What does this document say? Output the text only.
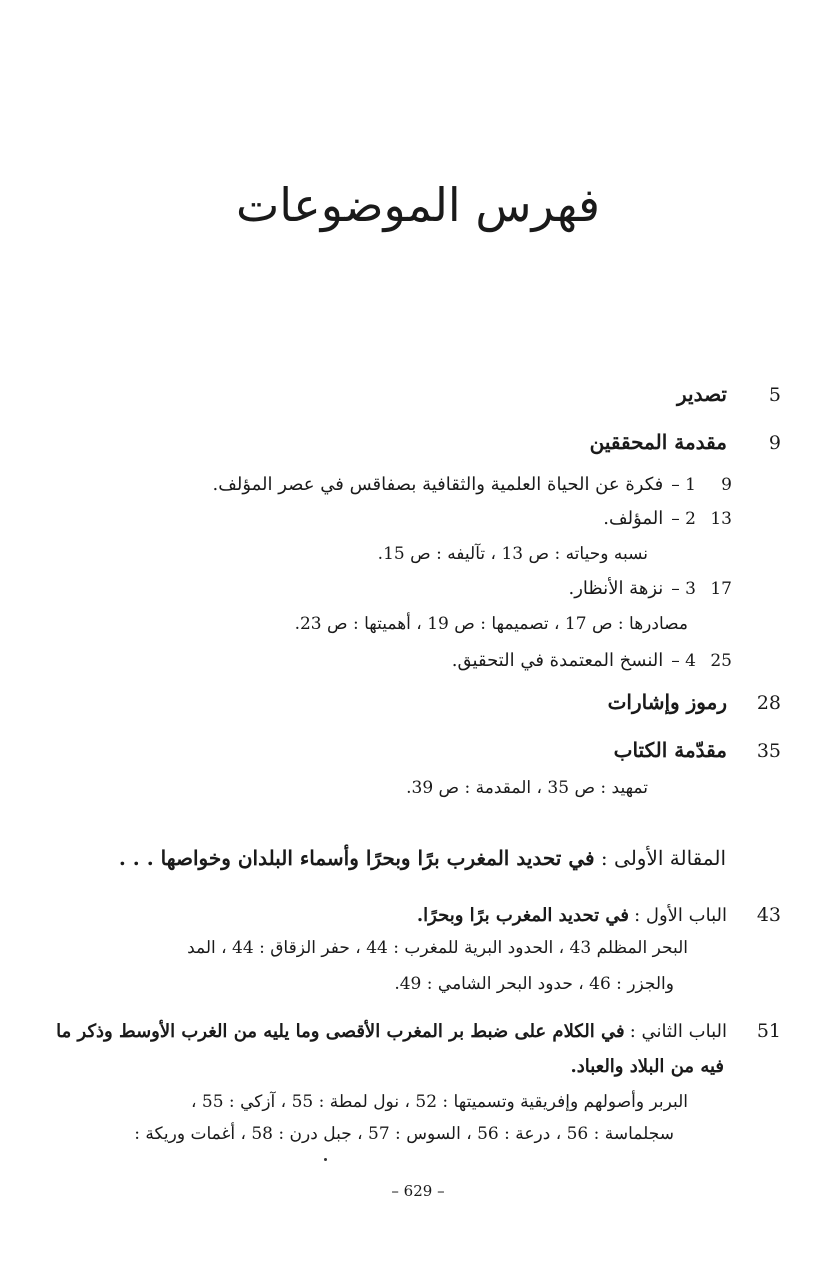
فهرس الموضوعات
5
تصدير
9
مقدمة المحققين
9
1 –
فكرة عن الحياة العلمية والثقافية بصفاقس في عصر المؤلف.
13
2 –
المؤلف.
نسبه وحياته : ص 13 ، تآليفه : ص 15.
17
3 –
نزهة الأنظار.
مصادرها : ص 17 ، تصميمها : ص 19 ، أهميتها : ص 23.
25
4 –
النسخ المعتمدة في التحقيق.
28
رموز وإشارات
35
مقدّمة الكتاب
تمهيد : ص 35 ، المقدمة : ص 39.
المقالة الأولى :

في تحديد المغرب برًا وبحرًا وأسماء البلدان وخواصها . . .
43
الباب الأول :

في تحديد المغرب برًا وبحرًا.
البحر المظلم 43 ، الحدود البرية للمغرب : 44 ، حفر الزقاق : 44 ، المد
والجزر : 46 ، حدود البحر الشامي : 49.
51
الباب الثاني :

في الكلام على ضبط بر المغرب الأقصى وما يليه من الغرب الأوسط وذكر ما
فيه من البلاد والعباد.
البربر وأصولهم وإفريقية وتسميتها : 52 ، نول لمطة : 55 ، آزكي : 55 ،
سجلماسة : 56 ، درعة : 56 ، السوس : 57 ، جبل درن : 58 ، أغمات وريكة :
– 629 –
